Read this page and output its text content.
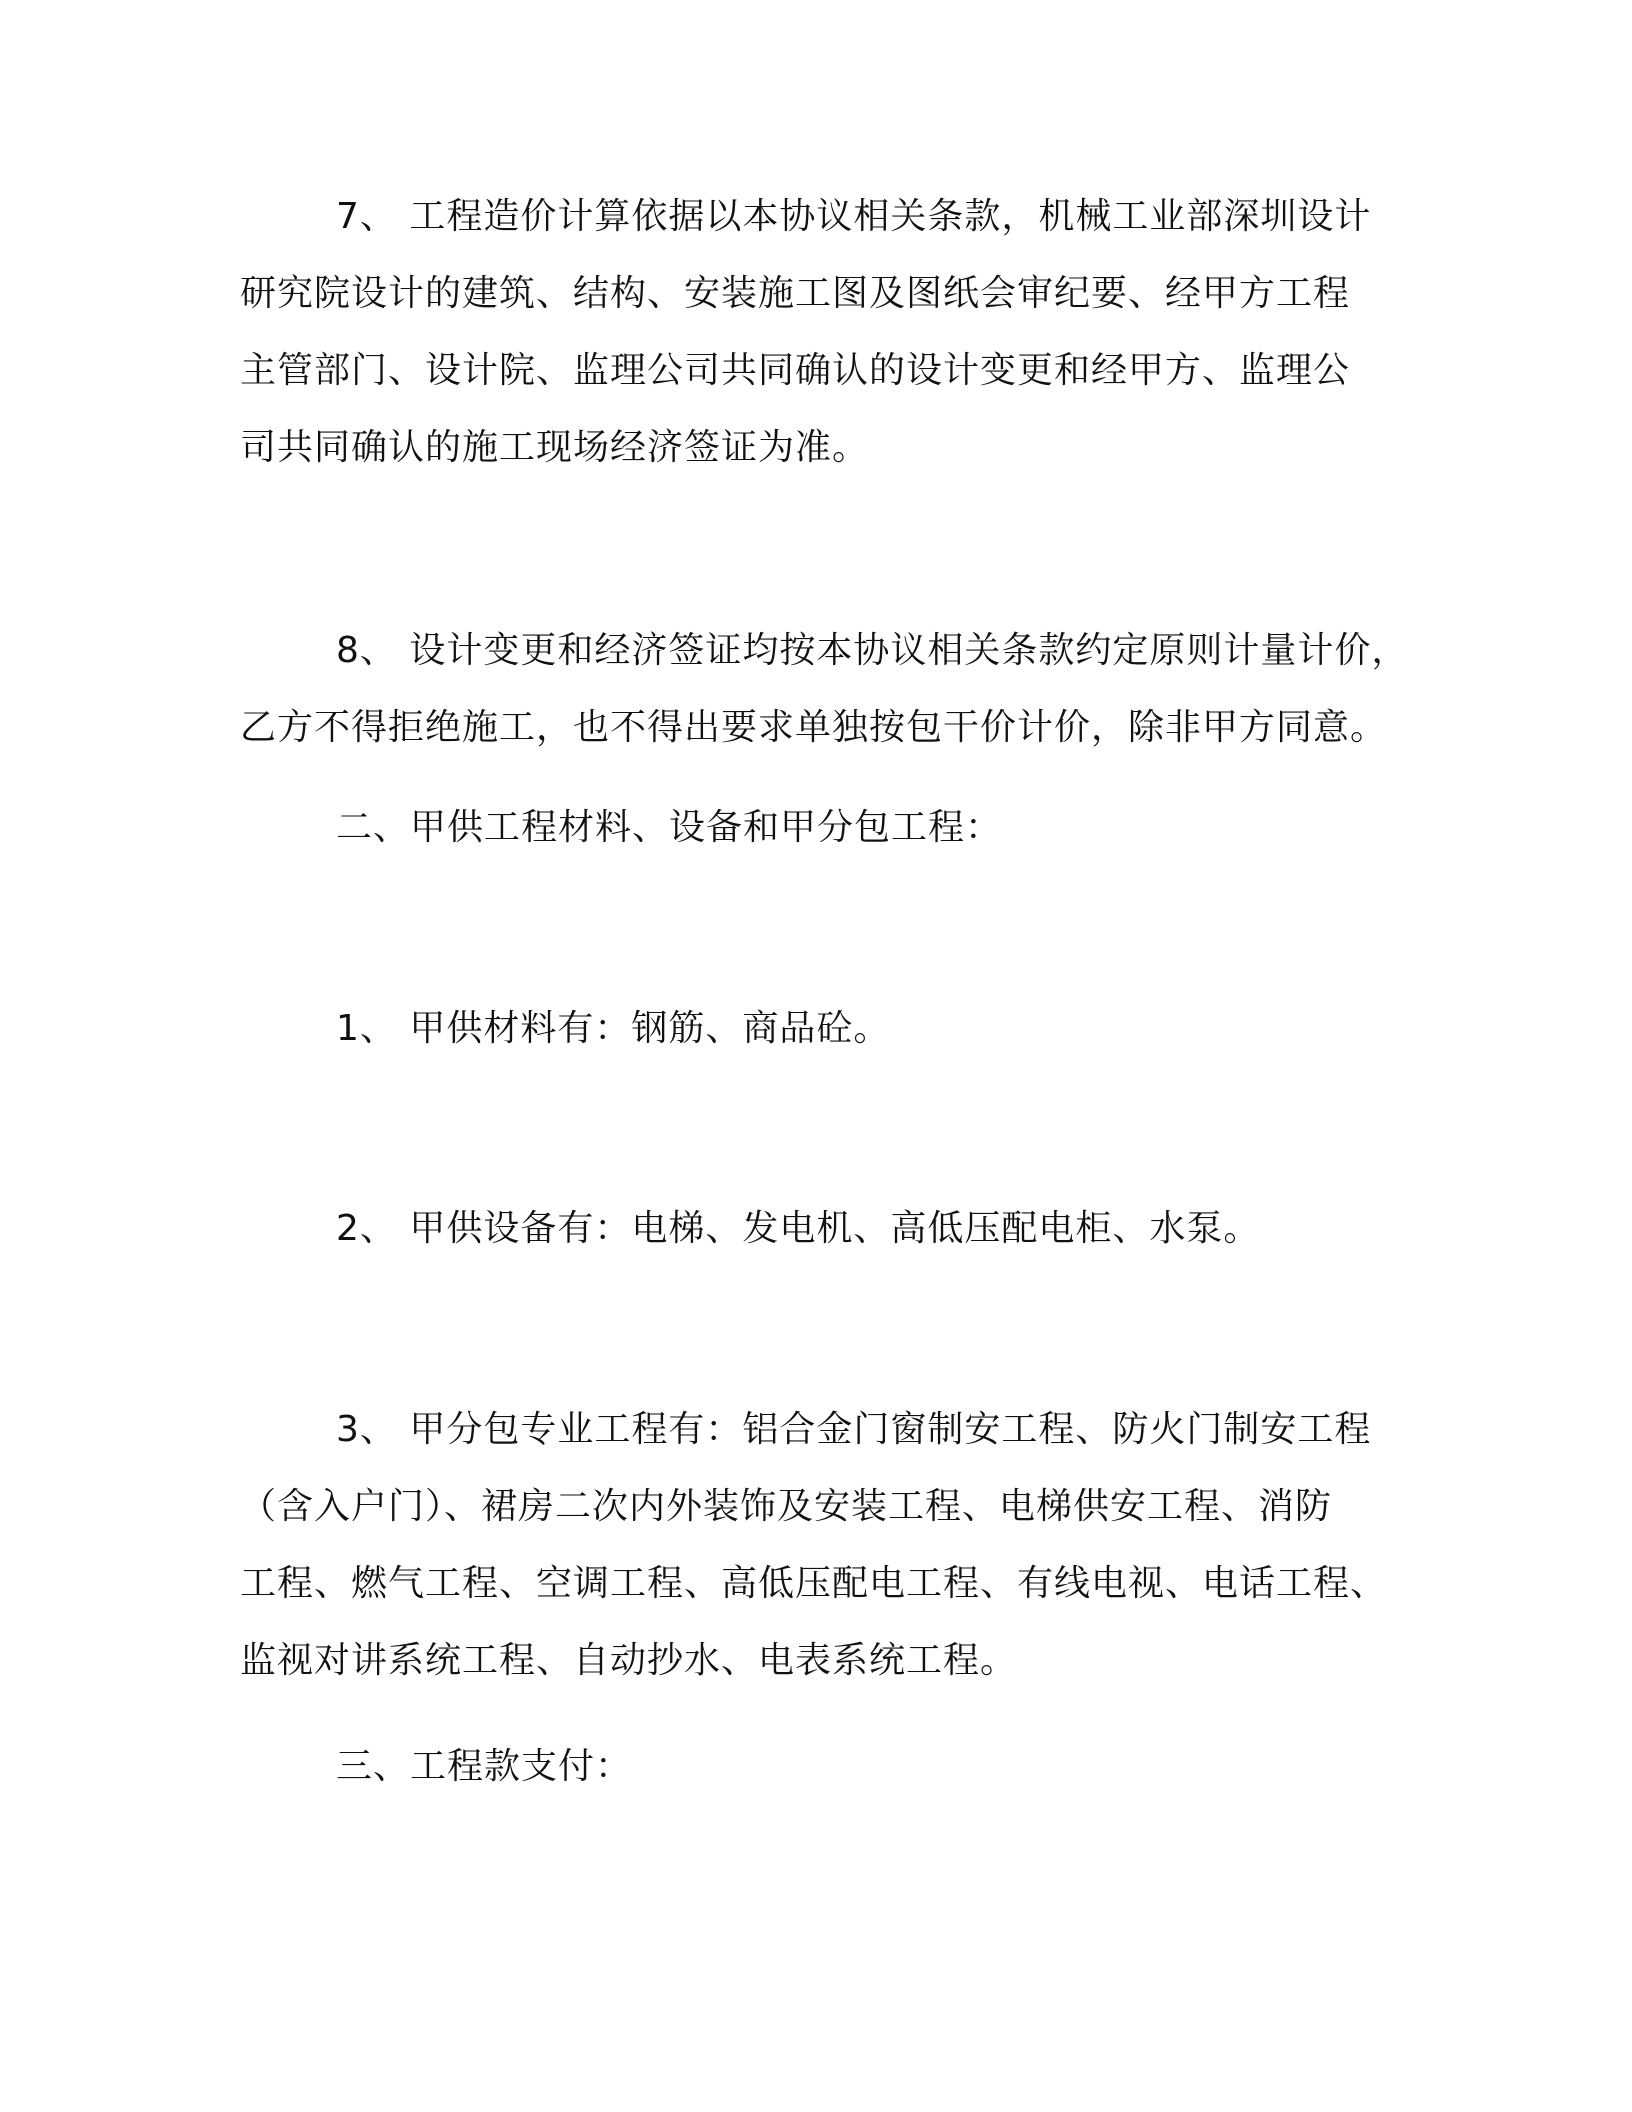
7、 工程造价计算依据以本协议相关条款，机械工业部深圳设计
研究院设计的建筑、结构、安装施工图及图纸会审纪要、经甲方工程
主管部门、设计院、监理公司共同确认的设计变更和经甲方、监理公
司共同确认的施工现场经济签证为准。
8、 设计变更和经济签证均按本协议相关条款约定原则计量计价，
乙方不得拒绝施工，也不得出要求单独按包干价计价，除非甲方同意。
二、甲供工程材料、设备和甲分包工程：
1、 甲供材料有：钢筋、商品砼。
2、 甲供设备有：电梯、发电机、高低压配电柜、水泵。
3、 甲分包专业工程有：铝合金门窗制安工程、防火门制安工程
（含入户门）、裙房二次内外装饰及安装工程、电梯供安工程、消防
工程、燃气工程、空调工程、高低压配电工程、有线电视、电话工程、
监视对讲系统工程、自动抄水、电表系统工程。
三、工程款支付：
